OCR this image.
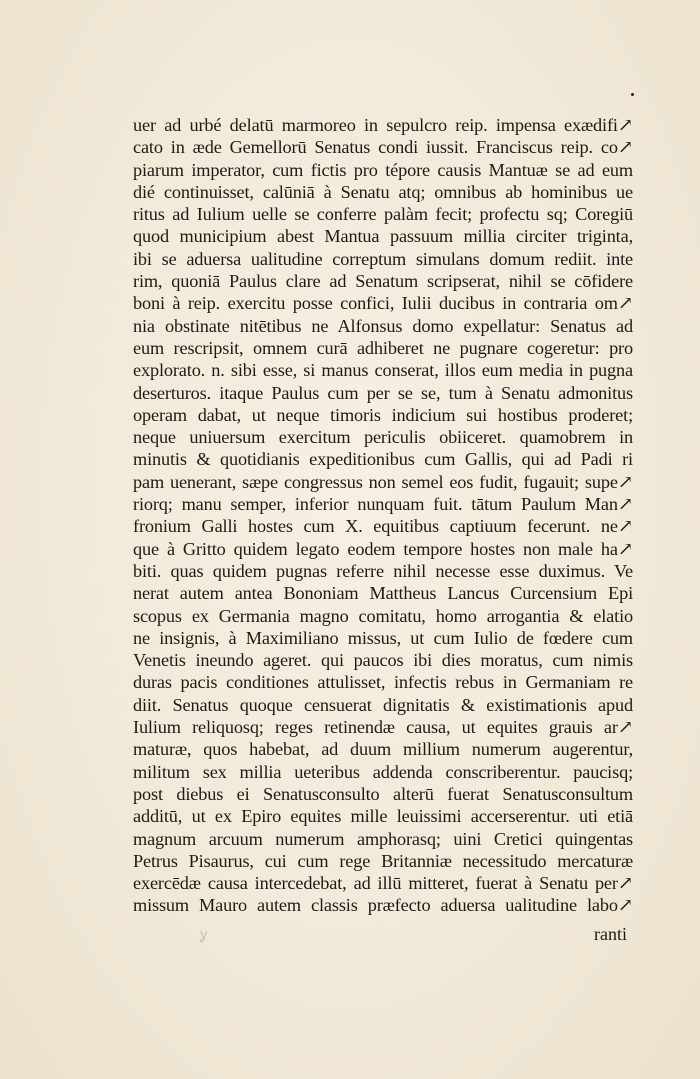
uer ad urbé delatū marmoreo in sepulcro reip. impensa exædifi↗
cato in æde Gemellorū Senatus condi iussit. Franciscus reip. co↗
piarum imperator, cum fictis pro tépore causis Mantuæ se ad eum
dié continuisset, calūniā à Senatu atq; omnibus ab hominibus ue
ritus ad Iulium uelle se conferre palàm fecit; profectu sq; Coregiū
quod municipium abest Mantua passuum millia circiter triginta,
ibi se aduersa ualitudine correptum simulans domum rediit. inte
rim, quoniā Paulus clare ad Senatum scripserat, nihil se cōfidere
boni à reip. exercitu posse confici, Iulii ducibus in contraria om↗
nia obstinate nitētibus ne Alfonsus domo expellatur: Senatus ad
eum rescripsit, omnem curā adhiberet ne pugnare cogeretur: pro
explorato. n. sibi esse, si manus conserat, illos eum media in pugna
deserturos. itaque Paulus cum per se se, tum à Senatu admonitus
operam dabat, ut neque timoris indicium sui hostibus proderet;
neque uniuersum exercitum periculis obiiceret. quamobrem in
minutis & quotidianis expeditionibus cum Gallis, qui ad Padi ri
pam uenerant, sæpe congressus non semel eos fudit, fugauit; supe↗
riorq; manu semper, inferior nunquam fuit. tātum Paulum Man↗
fronium Galli hostes cum X. equitibus captiuum fecerunt. ne↗
que à Gritto quidem legato eodem tempore hostes non male ha↗
biti. quas quidem pugnas referre nihil necesse esse duximus. Ve
nerat autem antea Bononiam Mattheus Lancus Curcensium Epi
scopus ex Germania magno comitatu, homo arrogantia & elatio
ne insignis, à Maximiliano missus, ut cum Iulio de fœdere cum
Venetis ineundo ageret. qui paucos ibi dies moratus, cum nimis
duras pacis conditiones attulisset, infectis rebus in Germaniam re
diit. Senatus quoque censuerat dignitatis & existimationis apud
Iulium reliquosq; reges retinendæ causa, ut equites grauis ar↗
maturæ, quos habebat, ad duum millium numerum augerentur,
militum sex millia ueteribus addenda conscriberentur. paucisq;
post diebus ei Senatusconsulto alterū fuerat Senatusconsultum
additū, ut ex Epiro equites mille leuissimi accerserentur. uti etiā
magnum arcuum numerum amphorasq; uini Cretici quingentas
Petrus Pisaurus, cui cum rege Britanniæ necessitudo mercaturæ
exercēdæ causa intercedebat, ad illū mitteret, fuerat à Senatu per↗
missum Mauro autem classis præfecto aduersa ualitudine labo↗
ỿ	ranti
